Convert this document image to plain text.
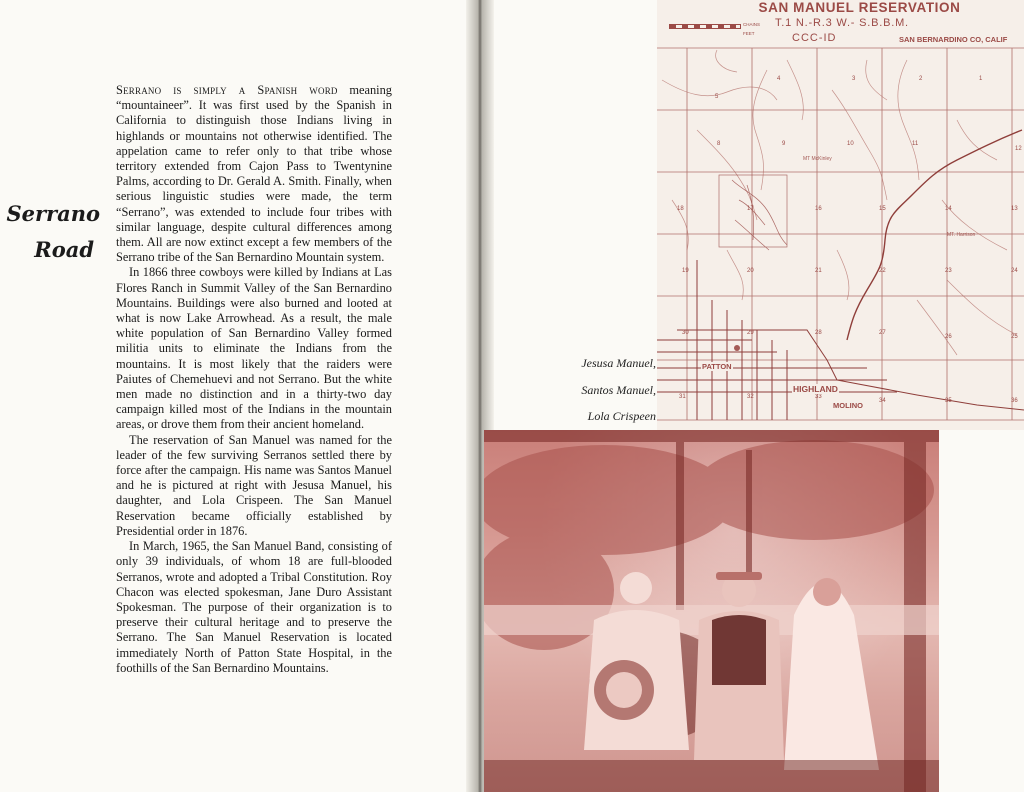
Serrano
Road

Serrano is simply a Spanish word meaning “mountaineer”. It was first used by the Spanish in California to distinguish those Indians living in highlands or mountains not otherwise identified. The appelation came to refer only to that tribe whose territory extended from Cajon Pass to Twentynine Palms, according to Dr. Gerald A. Smith. Finally, when serious linguistic studies were made, the term “Serrano”, was extended to include four tribes with similar language, despite cultural differences among them. All are now extinct except a few members of the Serrano tribe of the San Bernardino Mountain system.

In 1866 three cowboys were killed by Indians at Las Flores Ranch in Summit Valley of the San Bernardino Mountains. Buildings were also burned and looted at what is now Lake Arrowhead. As a result, the male white population of San Bernardino Valley formed militia units to eliminate the Indians from the mountains. It is most likely that the raiders were Paiutes of Chemehuevi and not Serrano. But the white men made no distinction and in a thirty-two day campaign killed most of the Indians in the mountain areas, or drove them from their ancient homeland.

The reservation of San Manuel was named for the leader of the few surviving Serranos settled there by force after the campaign. His name was Santos Manuel and he is pictured at right with Jesusa Manuel, his daughter, and Lola Crispeen. The San Manuel Reservation became officially established by Presidential order in 1876.

In March, 1965, the San Manuel Band, consisting of only 39 individuals, of whom 18 are full-blooded Serranos, wrote and adopted a Tribal Constitution. Roy Chacon was elected spokesman, Jane Duro Assistant Spokesman. The purpose of their organization is to preserve their cultural heritage and to preserve the Serrano. The San Manuel Reservation is located immediately North of Patton State Hospital, in the foothills of the San Bernardino Mountains.

MT McKinley
MT. Harrison
5
4	3	2	1
12
8	9	10	11
18	17	16	15	14	13
19	20	21	22	23	24
30	29	28	27
26	25
31	32	33
34	35	36
CHAINS
FEET
SAN MANUEL RESERVATION
T.1 N.-R.3 W.- S.B.B.M.
CCC-ID	SAN BERNARDINO CO, CALIF
PATTON
HIGHLAND
MOLINO
Jesusa Manuel,
Santos Manuel,
Lola Crispeen
